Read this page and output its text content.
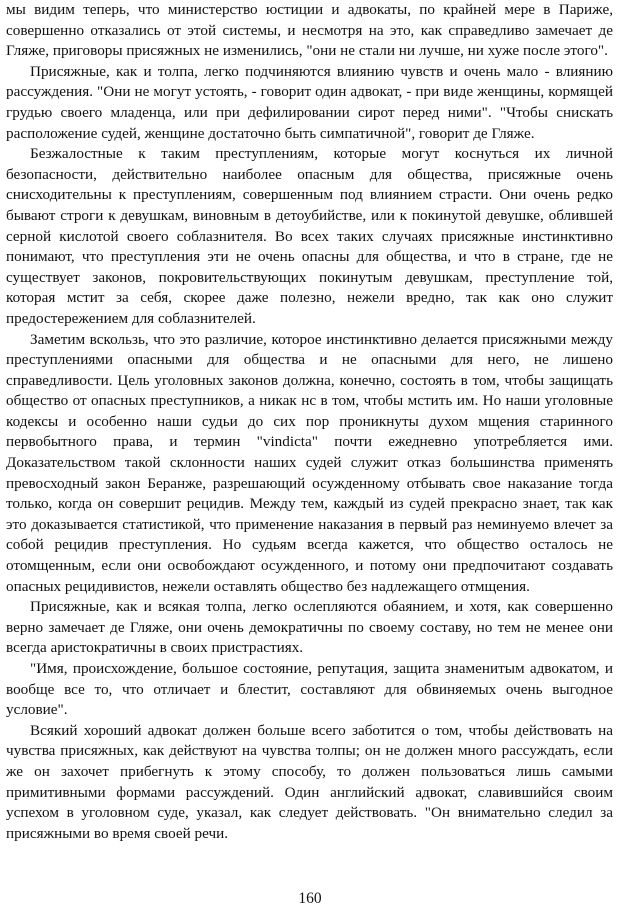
мы видим теперь, что министерство юстиции и адвокаты, по крайней мере в Париже, совершенно отказались от этой системы, и несмотря на это, как справедливо замечает де Гляже, приговоры присяжных не изменились, "они не стали ни лучше, ни хуже после этого".

Присяжные, как и толпа, легко подчиняются влиянию чувств и очень мало - влиянию рассуждения. "Они не могут устоять, - говорит один адвокат, - при виде женщины, кормящей грудью своего младенца, или при дефилировании сирот перед ними". "Чтобы снискать расположение судей, женщине достаточно быть симпатичной", говорит де Гляже.

Безжалостные к таким преступлениям, которые могут коснуться их личной безопасности, действительно наиболее опасным для общества, присяжные очень снисходительны к преступлениям, совершенным под влиянием страсти. Они очень редко бывают строги к девушкам, виновным в детоубийстве, или к покинутой девушке, облившей серной кислотой своего соблазнителя. Во всех таких случаях присяжные инстинктивно понимают, что преступления эти не очень опасны для общества, и что в стране, где не существует законов, покровительствующих покинутым девушкам, преступление той, которая мстит за себя, скорее даже полезно, нежели вредно, так как оно служит предостережением для соблазнителей.

Заметим вскользь, что это различие, которое инстинктивно делается присяжными между преступлениями опасными для общества и не опасными для него, не лишено справедливости. Цель уголовных законов должна, конечно, состоять в том, чтобы защищать общество от опасных преступников, а никак нс в том, чтобы мстить им. Но наши уголовные кодексы и особенно наши судьи до сих пор проникнуты духом мщения старинного первобытного права, и термин "vindicta" почти ежедневно употребляется ими. Доказательством такой склонности наших судей служит отказ большинства применять превосходный закон Беранже, разрешающий осужденному отбывать свое наказание тогда только, когда он совершит рецидив. Между тем, каждый из судей прекрасно знает, так как это доказывается статистикой, что применение наказания в первый раз неминуемо влечет за собой рецидив преступления. Но судьям всегда кажется, что общество осталось не отомщенным, если они освобождают осужденного, и потому они предпочитают создавать опасных рецидивистов, нежели оставлять общество без надлежащего отмщения.

Присяжные, как и всякая толпа, легко ослепляются обаянием, и хотя, как совершенно верно замечает де Гляже, они очень демократичны по своему составу, но тем не менее они всегда аристократичны в своих пристрастиях.

"Имя, происхождение, большое состояние, репутация, защита знаменитым адвокатом, и вообще все то, что отличает и блестит, составляют для обвиняемых очень выгодное условие".

Всякий хороший адвокат должен больше всего заботится о том, чтобы действовать на чувства присяжных, как действуют на чувства толпы; он не должен много рассуждать, если же он захочет прибегнуть к этому способу, то должен пользоваться лишь самыми примитивными формами рассуждений. Один английский адвокат, славившийся своим успехом в уголовном суде, указал, как следует действовать. "Он внимательно следил за присяжными во время своей речи.

160
